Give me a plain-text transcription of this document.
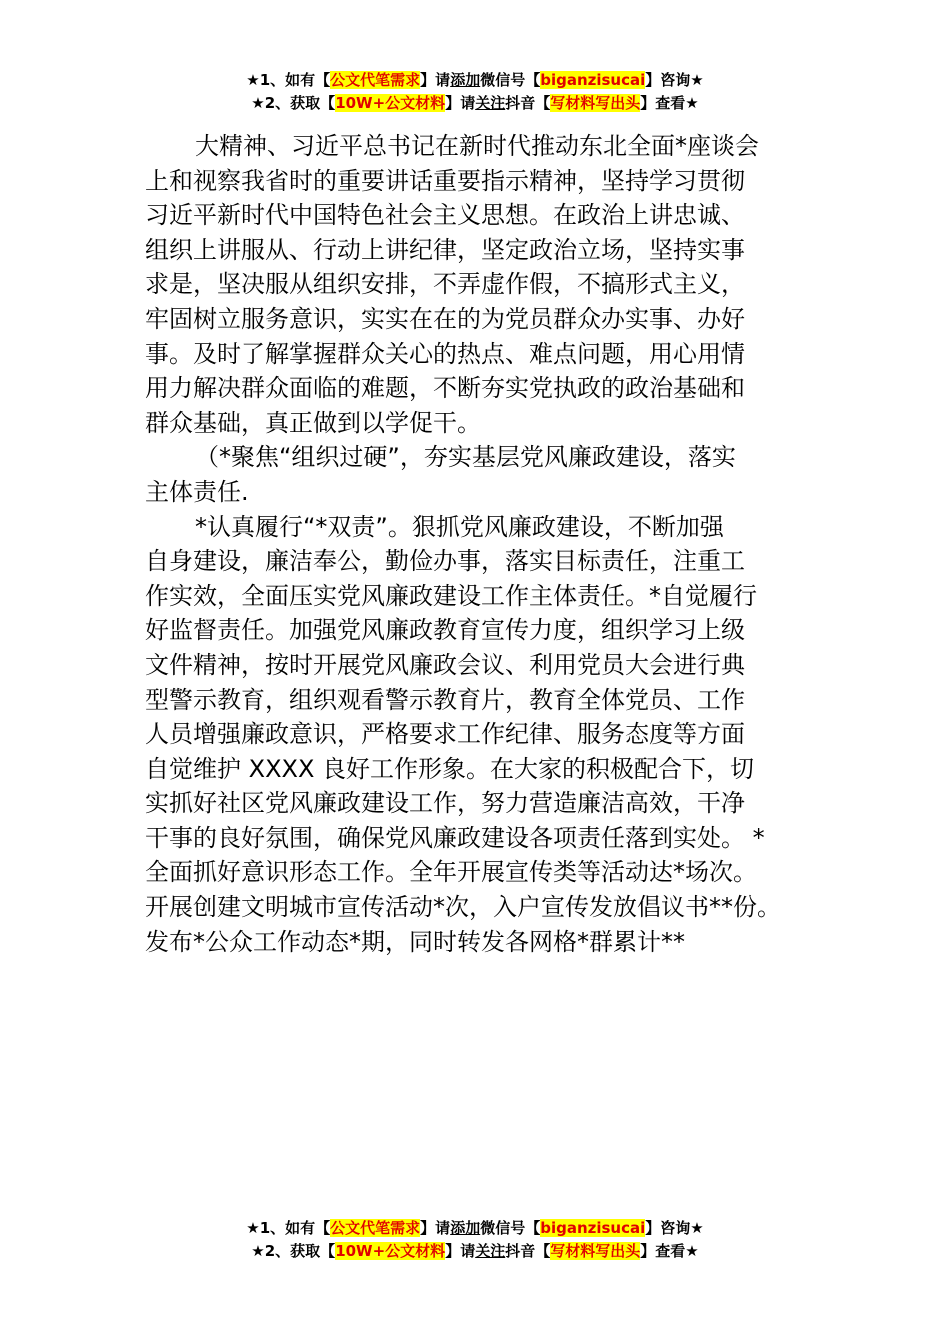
★1、如有【公文代笔需求】请添加微信号【biganzisucai】咨询★
★2、获取【10W+公文材料】请关注抖音【写材料写出头】查看★
大精神、习近平总书记在新时代推动东北全面*座谈会
上和视察我省时的重要讲话重要指示精神，坚持学习贯彻
习近平新时代中国特色社会主义思想。在政治上讲忠诚、
组织上讲服从、行动上讲纪律，坚定政治立场，坚持实事
求是，坚决服从组织安排，不弄虚作假，不搞形式主义，
牢固树立服务意识，实实在在的为党员群众办实事、办好
事。及时了解掌握群众关心的热点、难点问题，用心用情
用力解决群众面临的难题，不断夯实党执政的政治基础和
群众基础，真正做到以学促干。
（*聚焦“组织过硬”，夯实基层党风廉政建设，落实
主体责任.
*认真履行“*双责”。狠抓党风廉政建设，不断加强
自身建设，廉洁奉公，勤俭办事，落实目标责任，注重工
作实效，全面压实党风廉政建设工作主体责任。*自觉履行
好监督责任。加强党风廉政教育宣传力度，组织学习上级
文件精神，按时开展党风廉政会议、利用党员大会进行典
型警示教育，组织观看警示教育片，教育全体党员、工作
人员增强廉政意识，严格要求工作纪律、服务态度等方面
自觉维护 XXXX 良好工作形象。在大家的积极配合下，切
实抓好社区党风廉政建设工作，努力营造廉洁高效，干净
干事的良好氛围，确保党风廉政建设各项责任落到实处。 *
全面抓好意识形态工作。全年开展宣传类等活动达*场次。
开展创建文明城市宣传活动*次，入户宣传发放倡议书**份。
发布*公众工作动态*期，同时转发各网格*群累计**
★1、如有【公文代笔需求】请添加微信号【biganzisucai】咨询★
★2、获取【10W+公文材料】请关注抖音【写材料写出头】查看★
